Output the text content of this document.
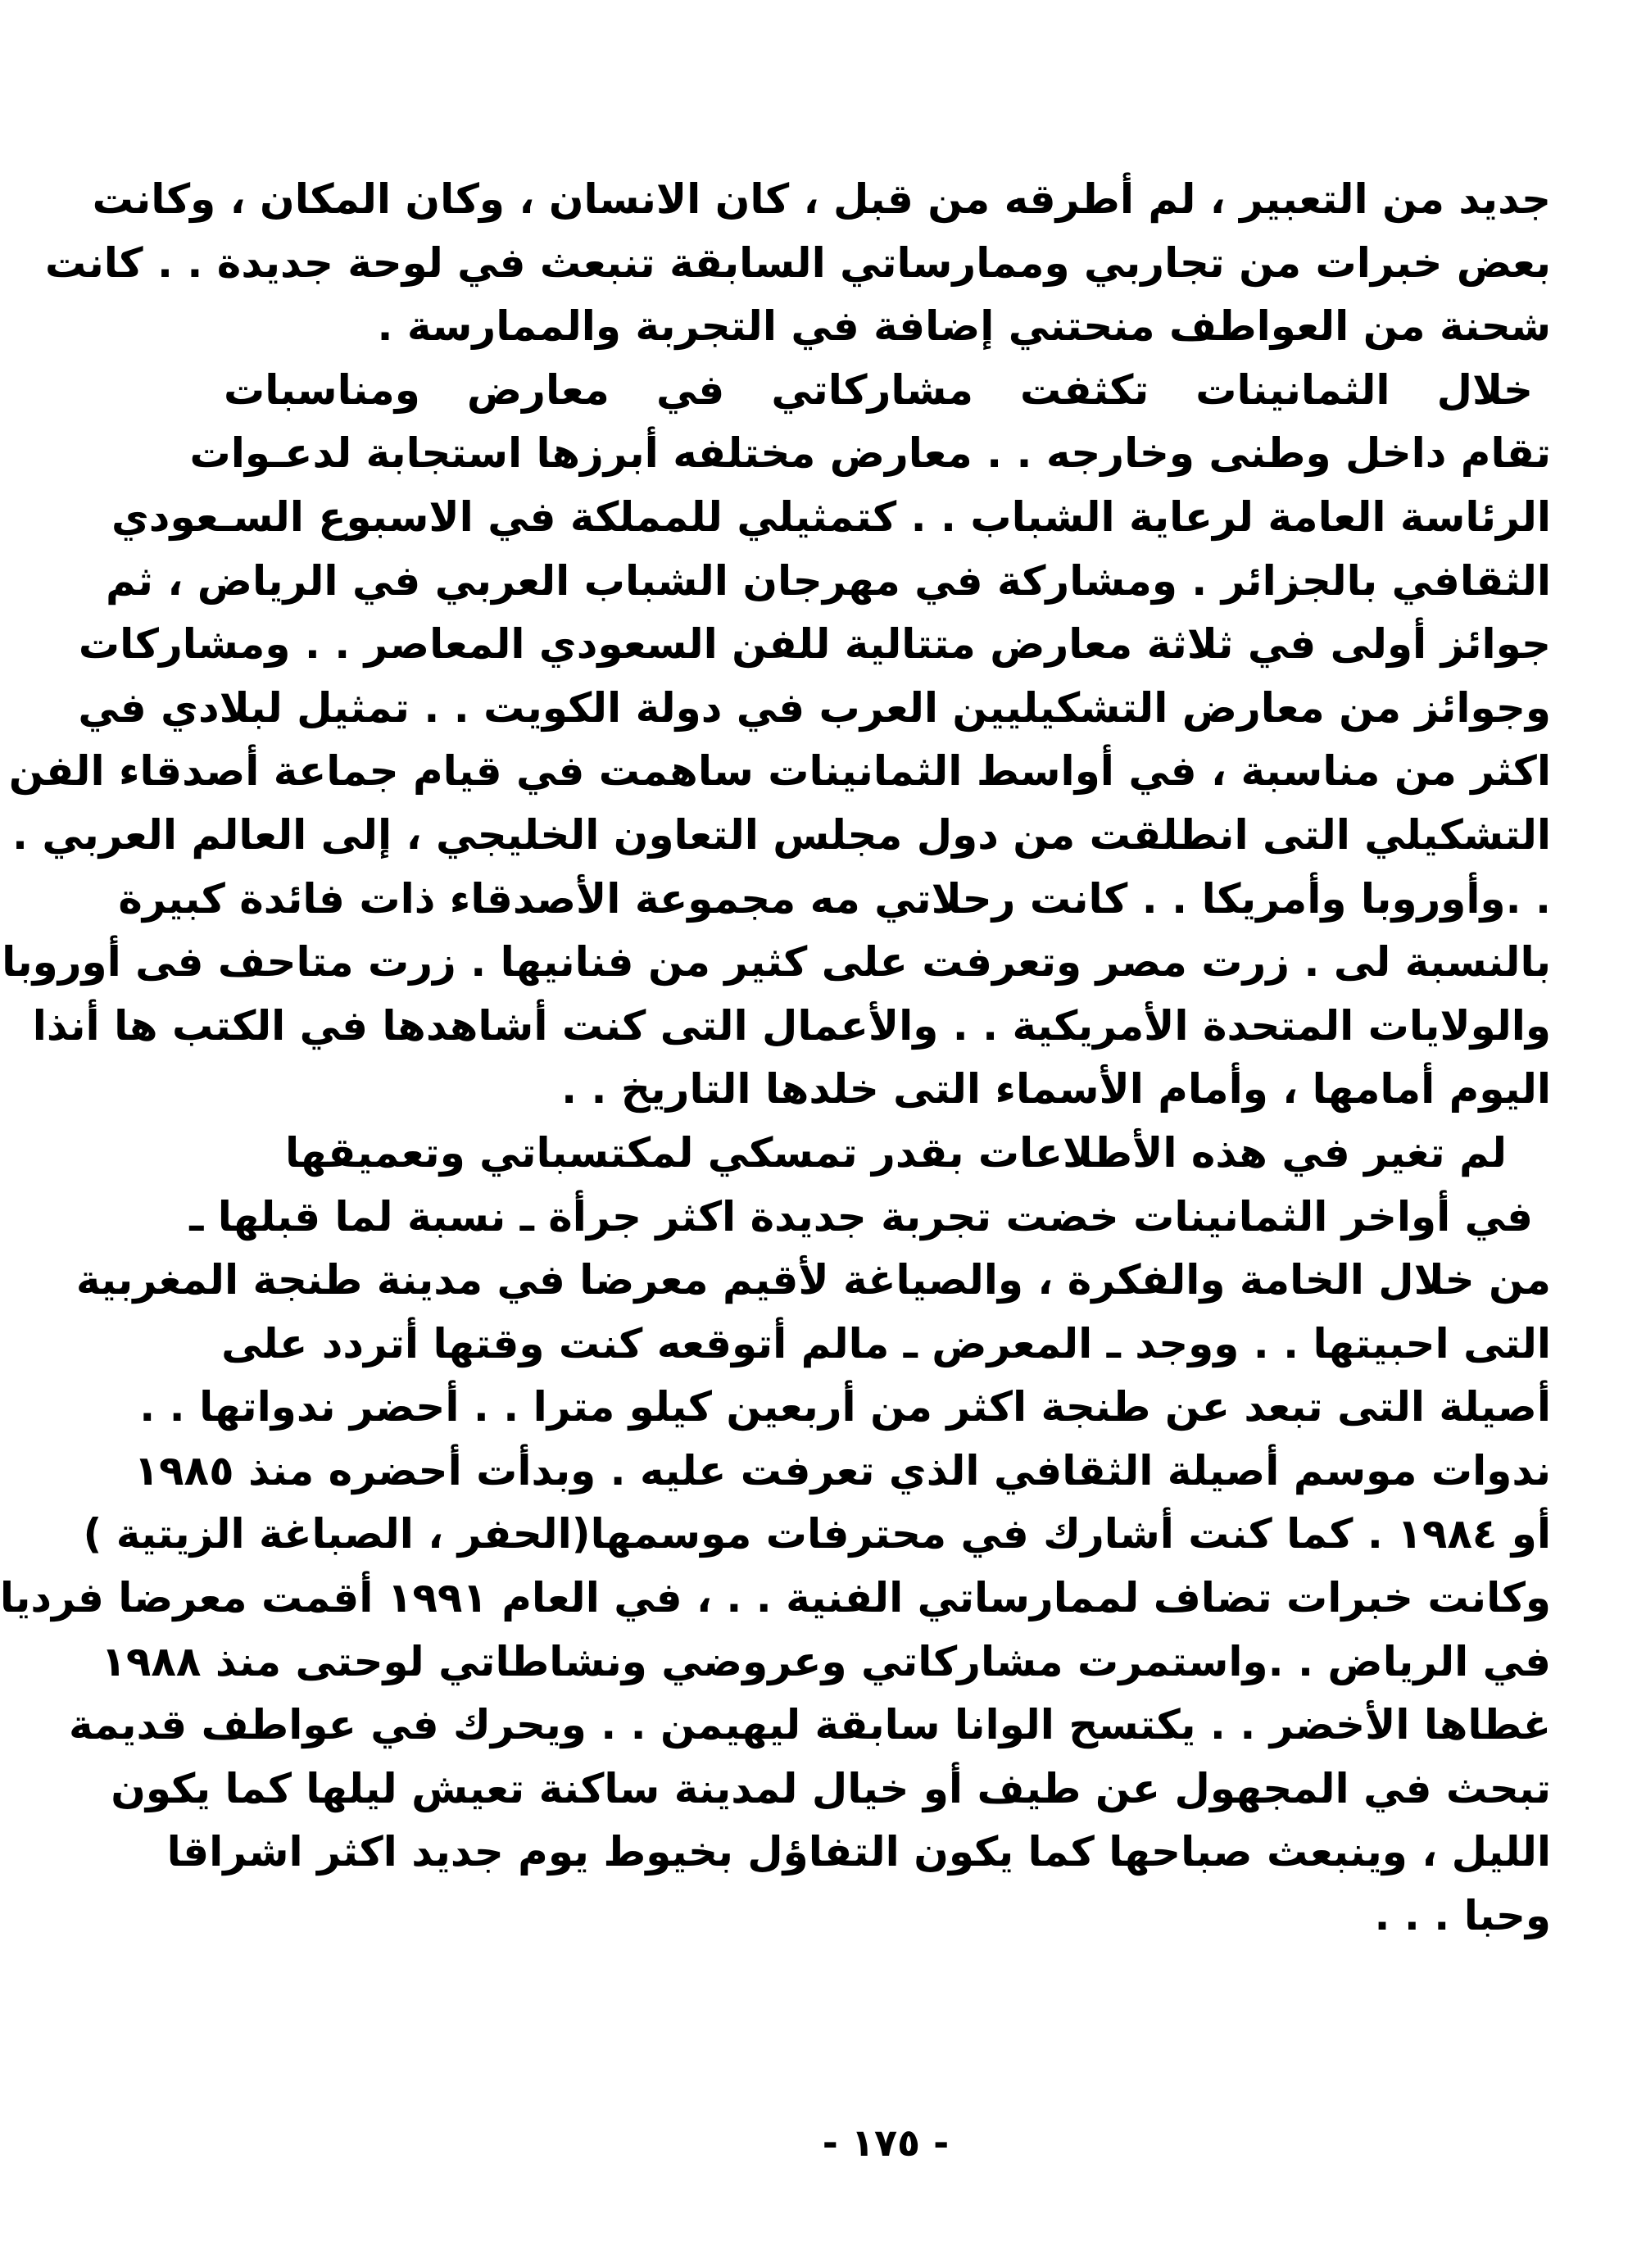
جديد من التعبير ، لم أطرقه من قبل ، كان الانسان ، وكان المكان ، وكانت
بعض خبرات من تجاربي وممارساتي السابقة تنبعث في لوحة جديدة . . كانت
شحنة من العواطف منحتني إضافة في التجربة والممارسة .
خلال الثمانينات تكثفت مشاركاتي في معارض ومناسبات
تقام داخل وطنى وخارجه . . معارض مختلفه أبرزها استجابة لدعـوات
الرئاسة العامة لرعاية الشباب . . كتمثيلي للمملكة في الاسبوع السـعودي
الثقافي بالجزائر . ومشاركة في مهرجان الشباب العربي في الرياض ، ثم
جوائز أولى في ثلاثة معارض متتالية للفن السعودي المعاصر . . ومشاركات
وجوائز من معارض التشكيليين العرب في دولة الكويت . . تمثيل لبلادي في
اكثر من مناسبة ، في أواسط الثمانينات ساهمت في قيام جماعة أصدقاء الفن
التشكيلي التى انطلقت من دول مجلس التعاون الخليجي ، إلى العالم العربي .
. .وأوروبا وأمريكا . . كانت رحلاتي مه مجموعة الأصدقاء ذات فائدة كبيرة
بالنسبة لى . زرت مصر وتعرفت على كثير من فنانيها . زرت متاحف فى أوروبا
والولايات المتحدة الأمريكية . . والأعمال التى كنت أشاهدها في الكتب ها أنذا
اليوم أمامها ، وأمام الأسماء التى خلدها التاريخ . .
لم تغير في هذه الأطلاعات بقدر تمسكي لمكتسباتي وتعميقها
في أواخر الثمانينات خضت تجربة جديدة اكثر جرأة ـ نسبة لما قبلها ـ
من خلال الخامة والفكرة ، والصياغة لأقيم معرضا في مدينة طنجة المغربية
التى احبيتها . . ووجد ـ المعرض ـ مالم أتوقعه كنت وقتها أتردد على
أصيلة التى تبعد عن طنجة اكثر من أربعين كيلو مترا . . أحضر ندواتها . .
ندوات موسم أصيلة الثقافي الذي تعرفت عليه . وبدأت أحضره منذ ١٩٨٥
أو ١٩٨٤ . كما كنت أشارك في محترفات موسمها(الحفر ، الصباغة الزيتية )
وكانت خبرات تضاف لممارساتي الفنية . . ، في العام ١٩٩١ أقمت معرضا فرديا
في الرياض . .واستمرت مشاركاتي وعروضي ونشاطاتي لوحتى منذ ١٩٨٨
غطاها الأخضر . . يكتسح الوانا سابقة ليهيمن . . ويحرك في عواطف قديمة
تبحث في المجهول عن طيف أو خيال لمدينة ساكنة تعيش ليلها كما يكون
الليل ، وينبعث صباحها كما يكون التفاؤل بخيوط يوم جديد اكثر اشراقا
وحبا . . .
- ١٧٥ -
